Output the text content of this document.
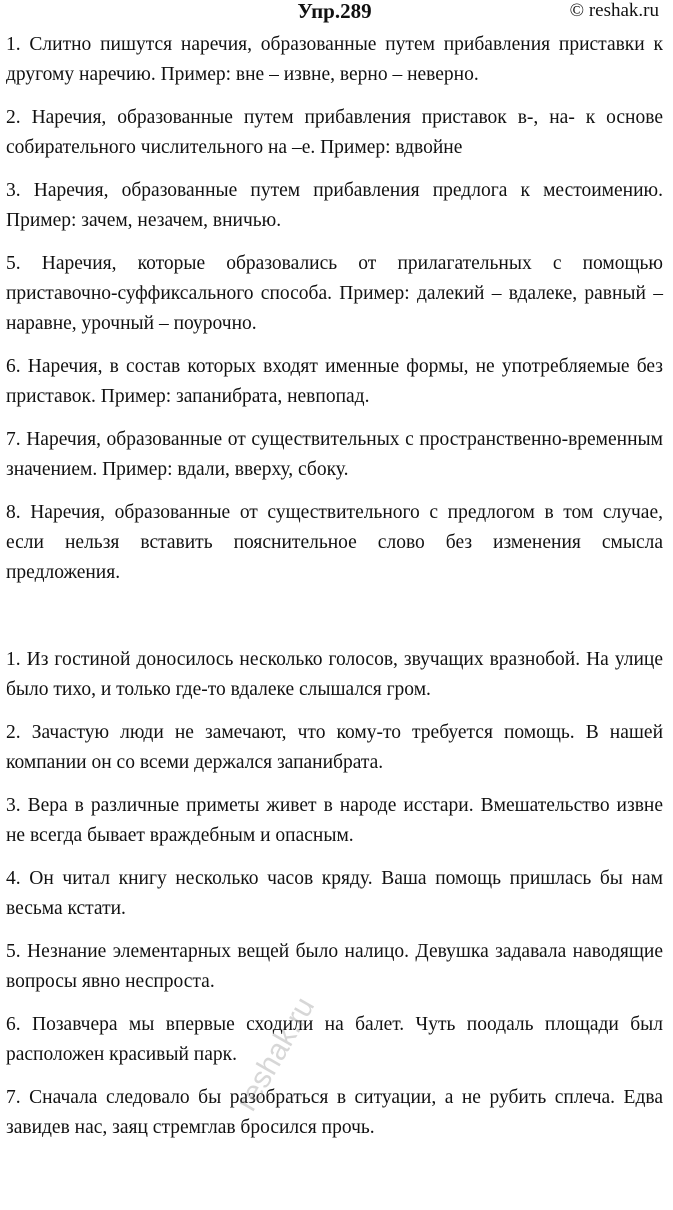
Упр.289	© reshak.ru

1. Слитно пишутся наречия, образованные путем прибавления приставки к другому наречию. Пример: вне – извне, верно – неверно.

2. Наречия, образованные путем прибавления приставок в-, на- к основе собирательного числительного на –е. Пример: вдвойне

3. Наречия, образованные путем прибавления предлога к местоимению. Пример: зачем, незачем, вничью.

5. Наречия, которые образовались от прилагательных с помощью приставочно-суффиксального способа. Пример: далекий – вдалеке, равный – наравне, урочный – поурочно.

6. Наречия, в состав которых входят именные формы, не употребляемые без приставок. Пример: запанибрата, невпопад.

7. Наречия, образованные от существительных с пространственно-временным значением. Пример: вдали, вверху, сбоку.

8. Наречия, образованные от существительного с предлогом в том случае, если нельзя вставить пояснительное слово без изменения смысла предложения.

1. Из гостиной доносилось несколько голосов, звучащих вразнобой. На улице было тихо, и только где-то вдалеке слышался гром.

2. Зачастую люди не замечают, что кому-то требуется помощь. В нашей компании он со всеми держался запанибрата.

3. Вера в различные приметы живет в народе исстари. Вмешательство извне не всегда бывает враждебным и опасным.

4. Он читал книгу несколько часов кряду. Ваша помощь пришлась бы нам весьма кстати.

5. Незнание элементарных вещей было налицо. Девушка задавала наводящие вопросы явно неспроста.

6. Позавчера мы впервые сходили на балет. Чуть поодаль площади был расположен красивый парк.

7. Сначала следовало бы разобраться в ситуации, а не рубить сплеча. Едва завидев нас, заяц стремглав бросился прочь.

reshak.ru
